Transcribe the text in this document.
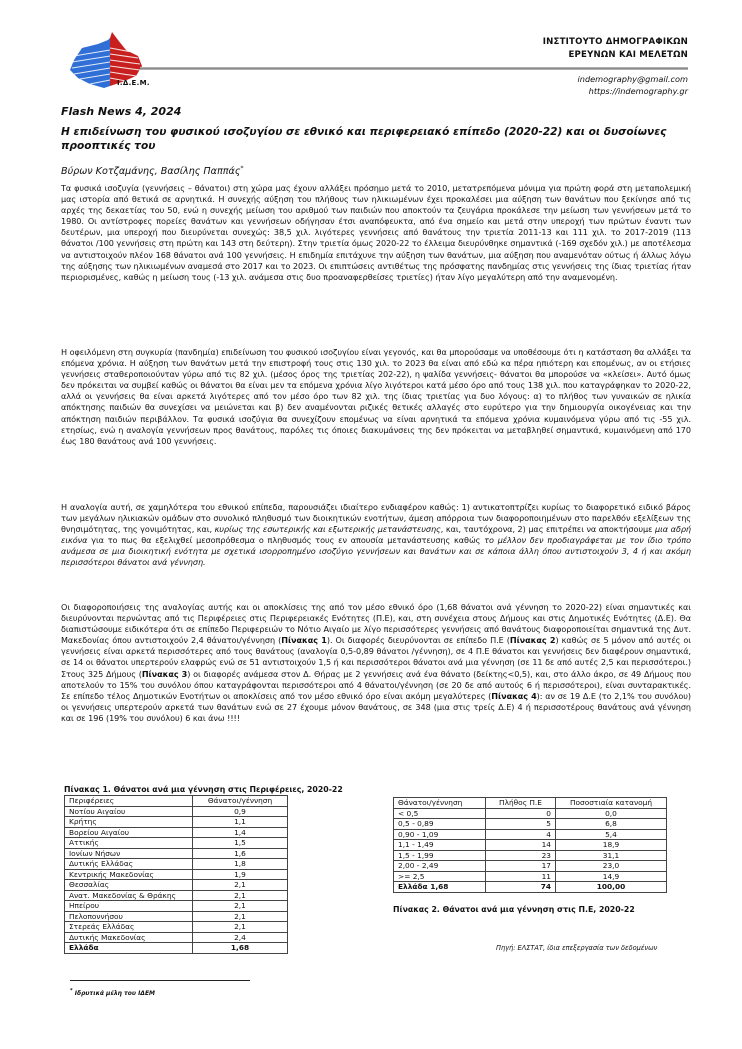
Ι.Δ.Ε.Μ.
ΙΝΣΤΙΤΟΥΤΟ ΔΗΜΟΓΡΑΦΙΚΩΝ
ΕΡΕΥΝΩΝ ΚΑΙ ΜΕΛΕΤΩΝ
indemography@gmail.com
https://indemography.gr
Flash News 4, 2024
Η επιδείνωση του φυσικού ισοζυγίου σε εθνικό και περιφερειακό επίπεδο (2020-22) και οι δυσοίωνες προοπτικές του
Βύρων Κοτζαμάνης, Βασίλης Παππάς*

Τα φυσικά ισοζυγία (γεννήσεις – θάνατοι) στη χώρα μας έχουν αλλάξει πρόσημο μετά το 2010, μετατρεπόμενα μόνιμα για πρώτη φορά στη μεταπολεμική μας ιστορία από θετικά σε αρνητικά. Η συνεχής αύξηση του πλήθους των ηλικιωμένων έχει προκαλέσει μια αύξηση των θανάτων που ξεκίνησε από τις αρχές της δεκαετίας του 50, ενώ η συνεχής μείωση του αριθμού των παιδιών που αποκτούν τα ζευγάρια προκάλεσε την μείωση των γεννήσεων μετά το 1980. Οι αντίστροφες πορείες θανάτων και γεννήσεων οδήγησαν έτσι αναπόφευκτα, από ένα σημείο και μετά στην υπεροχή των πρώτων έναντι των δευτέρων, μια υπεροχή που διευρύνεται συνεχώς: 38,5 χιλ. λιγότερες γεννήσεις από θανάτους την τριετία 2011-13 και 111 χιλ. το 2017-2019 (113 θάνατοι /100 γεννήσεις στη πρώτη και 143 στη δεύτερη). Στην τριετία όμως 2020-22 το έλλειμα διευρύνθηκε σημαντικά (-169 σχεδόν χιλ.) με αποτέλεσμα να αντιστοιχούν πλέον 168 θάνατοι ανά 100 γεννήσεις. Η επιδημία επιτάχυνε την αύξηση των θανάτων, μια αύξηση που αναμενόταν ούτως ή άλλως λόγω της αύξησης των ηλικιωμένων αναμεσά στο 2017 και το 2023. Οι επιπτώσεις αντιθέτως της πρόσφατης πανδημίας στις γεννήσεις της ίδιας τριετίας ήταν περιορισμένες, καθώς η μείωση τους (-13 χιλ. ανάμεσα στις δυο προαναφερθείσες τριετίες) ήταν λίγο μεγαλύτερη από την αναμενομένη.

Η οφειλόμενη στη συγκυρία (πανδημία) επιδείνωση του φυσικού ισοζυγίου είναι γεγονός, και θα μπορούσαμε να υποθέσουμε ότι η κατάσταση θα αλλάξει τα επόμενα χρόνια. Η αύξηση των θανάτων μετά την επιστροφή τους στις 130 χιλ. το 2023 θα είναι από εδώ κα πέρα ηπιότερη και επομένως, αν οι ετήσιες γεννήσεις σταθεροποιούνταν γύρω από τις 82 χιλ. (μέσος όρος της τριετίας 202-22), η ψαλίδα γεννήσεις- θάνατοι θα μπορούσε να «κλείσει». Αυτό όμως δεν πρόκειται να συμβεί καθώς οι θάνατοι θα είναι μεν τα επόμενα χρόνια λίγο λιγότεροι κατά μέσο όρο από τους 138 χιλ. που καταγράφηκαν το 2020-22, αλλά οι γεννήσεις θα είναι αρκετά λιγότερες από τον μέσο όρο των 82 χιλ. της ίδιας τριετίας για δυο λόγους: α) το πλήθος των γυναικών σε ηλικία απόκτησης παιδιών θα συνεχίσει να μειώνεται και β) δεν αναμένονται ριζικές θετικές αλλαγές στο ευρύτερο για την δημιουργία οικογένειας και την απόκτηση παιδιών περιβάλλον. Τα φυσικά ισοζύγια θα συνεχίζουν επομένως να είναι αρνητικά τα επόμενα χρόνια κυμαινόμενα γύρω από τις -55 χιλ. ετησίως, ενώ η αναλογία γεννήσεων προς θανάτους, παρόλες τις όποιες διακυμάνσεις της δεν πρόκειται να μεταβληθεί σημαντικά, κυμαινόμενη από 170 έως 180 θανάτους ανά 100 γεννήσεις.

Η αναλογία αυτή, σε χαμηλότερα του εθνικού επίπεδα, παρουσιάζει ιδιαίτερο ενδιαφέρον καθώς: 1) αντικατοπτρίζει κυρίως το διαφορετικό ειδικό βάρος των μεγάλων ηλικιακών ομάδων στο συνολικό πληθυσμό των διοικητικών ενοτήτων, άμεση απόρροια των διαφοροποιημένων στο παρελθόν εξελίξεων της θνησιμότητας, της γονιμότητας, και, κυρίως της εσωτερικής και εξωτερικής μετανάστευσης, και, ταυτόχρονα, 2) μας επιτρέπει να αποκτήσουμε μια αδρή εικόνα για το πως θα εξελιχθεί μεσοπρόθεσμα ο πληθυσμός τους εν απουσία μετανάστευσης καθώς το μέλλον δεν προδιαγράφεται με τον ίδιο τρόπο ανάμεσα σε μια διοικητική ενότητα με σχετικά ισορροπημένο ισοζύγιο γεννήσεων και θανάτων και σε κάποια άλλη όπου αντιστοιχούν 3, 4 ή και ακόμη περισσότεροι θάνατοι ανά γέννηση.

Οι διαφοροποιήσεις της αναλογίας αυτής και οι αποκλίσεις της από τον μέσο εθνικό όρο (1,68 θάνατοι ανά γέννηση το 2020-22) είναι σημαντικές και διευρύνονται περνώντας από τις Περιφέρειες στις Περιφερειακές Ενότητες (Π.Ε), και, στη συνέχεια στους Δήμους και στις Δημοτικές Ενότητες (Δ.Ε). Θα διαπιστώσουμε ειδικότερα ότι σε επίπεδο Περιφερειών το Νότιο Αιγαίο με λίγο περισσότερες γεννήσεις από θανάτους διαφοροποιείται σημαντικά της Δυτ. Μακεδονίας όπου αντιστοιχούν 2,4 θάνατοι/γέννηση (Πίνακας 1). Οι διαφορές διευρύνονται σε επίπεδο Π.Ε (Πίνακας 2) καθώς σε 5 μόνον από αυτές οι γεννήσεις είναι αρκετά περισσότερες από τους θανάτους (αναλογία 0,5-0,89 θάνατοι /γέννηση), σε 4 Π.Ε θάνατοι και γεννήσεις δεν διαφέρουν σημαντικά, σε 14 οι θάνατοι υπερτερούν ελαφρώς ενώ σε 51 αντιστοιχούν 1,5 ή και περισσότεροι θάνατοι ανά μια γέννηση (σε 11 δε από αυτές 2,5 και περισσότεροι.) Στους 325 Δήμους (Πίνακας 3) οι διαφορές ανάμεσα στον Δ. Θήρας με 2 γεννήσεις ανά ένα θάνατο (δείκτης<0,5), και, στο άλλο άκρο, σε 49 Δήμους που αποτελούν το 15% του συνόλου όπου καταγράφονται περισσότεροι από 4 θάνατοι/γέννηση (σε 20 δε από αυτούς 6 ή περισσότεροι), είναι συνταρακτικές. Σε επίπεδο τέλος Δημοτικών Ενοτήτων οι αποκλίσεις από τον μέσο εθνικό όρο είναι ακόμη μεγαλύτερες (Πίνακας 4): αν σε 19 Δ.Ε (το 2,1% του συνόλου) οι γεννήσεις υπερτερούν αρκετά των θανάτων ενώ σε 27 έχουμε μόνον θανάτους, σε 348 (μια στις τρείς Δ.Ε) 4 ή περισσοτέρους θανάτους ανά γέννηση και σε 196 (19% του συνόλου) 6 και άνω !!!!

Πίνακας 1. Θάνατοι ανά μια γέννηση στις Περιφέρειες, 2020-22
Περιφέρειες	Θάνατοι/γέννηση
Νοτίου Αιγαίου	0,9
Κρήτης	1,1
Βορείου Αιγαίου	1,4
Αττικής	1,5
Ιονίων Νήσων	1,6
Δυτικής Ελλάδας	1,8
Κεντρικής Μακεδονίας	1,9
Θεσσαλίας	2,1
Ανατ. Μακεδονίας & Θράκης	2,1
Ηπείρου	2,1
Πελοποννήσου	2,1
Στερεάς Ελλάδας	2,1
Δυτικής Μακεδονίας	2,4
Ελλάδα	1,68
Θάνατοι/γέννηση	Πλήθος Π.Ε	Ποσοστιαία κατανομή
< 0,5	0	0,0
0,5 - 0,89	5	6,8
0,90 - 1,09	4	5,4
1,1 - 1,49	14	18,9
1,5 - 1,99	23	31,1
2,00 - 2,49	17	23,0
>= 2,5	11	14,9
Ελλάδα 1,68	74	100,00
Πίνακας 2. Θάνατοι ανά μια γέννηση στις Π.Ε, 2020-22
Πηγή: ΕΛΣΤΑΤ, ίδια επεξεργασία των δεδομένων
* Ιδρυτικά μέλη του ΙΔΕΜ
